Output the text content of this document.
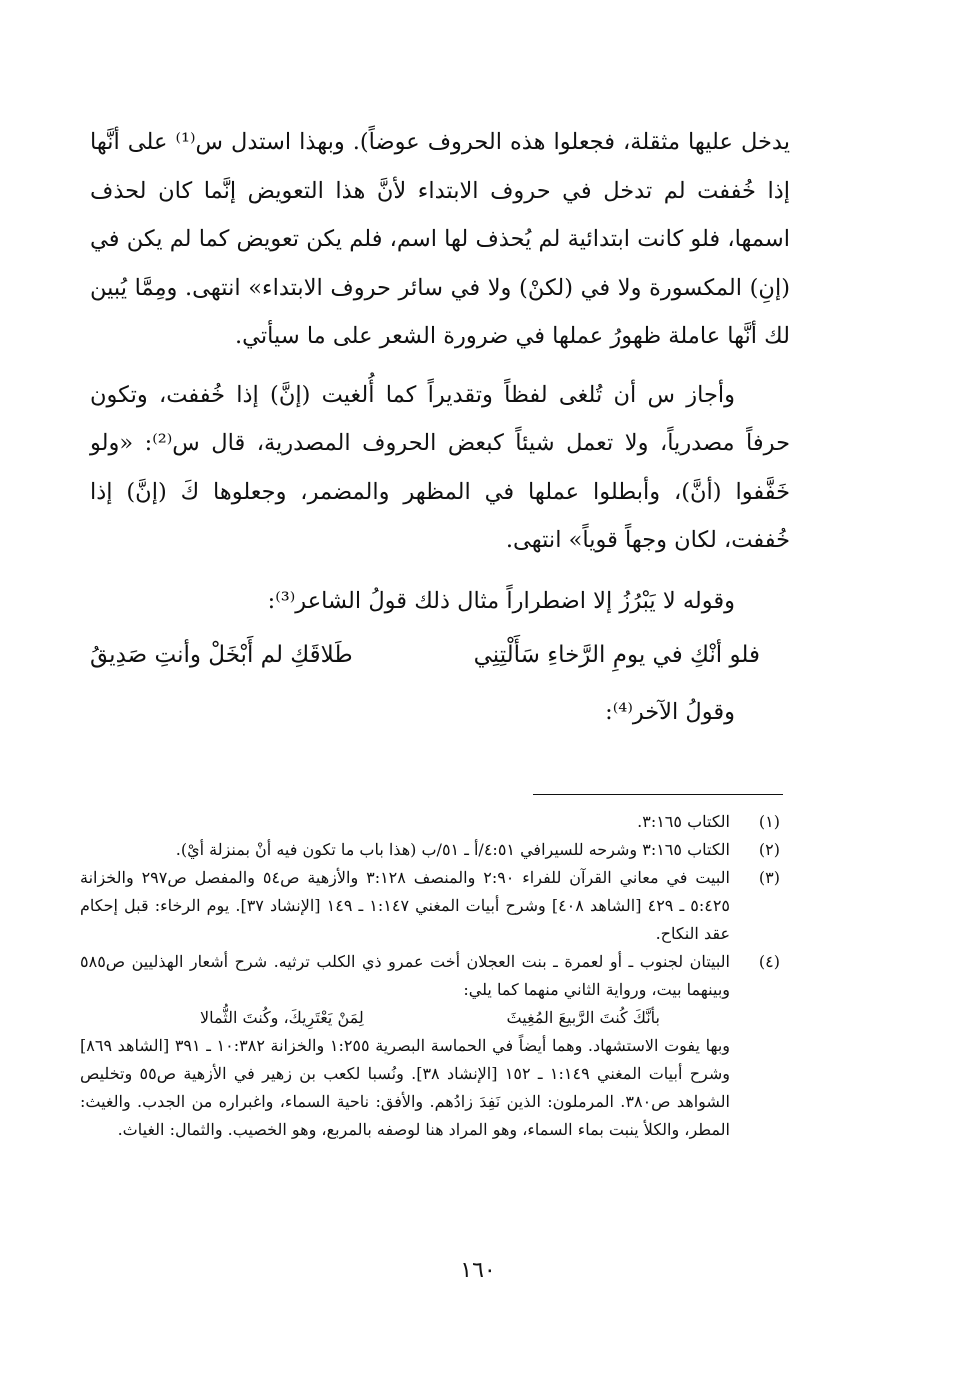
يدخل عليها مثقلة، فجعلوا هذه الحروف عوضاً). وبهذا استدل س⁽¹⁾ على أنَّها إذا خُففت لم تدخل في حروف الابتداء لأنَّ هذا التعويض إنَّما كان لحذف اسمها، فلو كانت ابتدائية لم يُحذف لها اسم، فلم يكن تعويض كما لم يكن في (إنِ) المكسورة ولا في (لكنْ) ولا في سائر حروف الابتداء» انتهى. ومِمَّا يُبين لك أنَّها عاملة ظهورُ عملها في ضرورة الشعر على ما سيأتي.

وأجاز س أن تُلغى لفظاً وتقديراً كما أُلغيت (إنَّ) إذا خُففت، وتكون حرفاً مصدرياً، ولا تعمل شيئاً كبعض الحروف المصدرية، قال س⁽²⁾: «ولو خَفَّفوا (أنَّ)، وأبطلوا عملها في المظهر والمضمر، وجعلوها كَ (إنَّ) إذا خُففت، لكان وجهاً قوياً» انتهى.

وقوله لا يَبْرُزُ إلا اضطراراً مثال ذلك قولُ الشاعر⁽³⁾:

فلو أنْكِ في يومِ الرَّخاءِ سَأَلْتِنِي
طَلاقَكِ لم أَبْخَلْ وأنتِ صَدِيقُ

وقولُ الآخر⁽⁴⁾:

(١)
الكتاب ٣:١٦٥.
(٢)
الكتاب ٣:١٦٥ وشرحه للسيرافي ٤:٥١/أ ـ ٥١/ب (هذا باب ما تكون فيه أنْ بمنزلة أيْ).
(٣)
البيت في معاني القرآن للفراء ٢:٩٠ والمنصف ٣:١٢٨ والأزهية ص٥٤ والمفصل ص٢٩٧ والخزانة ٥:٤٢٥ ـ ٤٢٩ [الشاهد ٤٠٨] وشرح أبيات المغني ١:١٤٧ ـ ١٤٩ [الإنشاد ٣٧]. يوم الرخاء: قبل إحكام عقد النكاح.
(٤)
البيتان لجنوب ـ أو لعمرة ـ بنت العجلان أخت عمرو ذي الكلب ترثيه. شرح أشعار الهذليين ص٥٨٥ وبينهما بيت، ورواية الثاني منهما كما يلي:
بأنَّكَ كُنتَ الرَّبيعَ المُغِيثَ
لِمَنْ يَعْتَرِيكَ، وكُنتَ الثُّمالا
وبها يفوت الاستشهاد. وهما أيضاً في الحماسة البصرية ١:٢٥٥ والخزانة ١٠:٣٨٢ ـ ٣٩١ [الشاهد ٨٦٩] وشرح أبيات المغني ١:١٤٩ ـ ١٥٢ [الإنشاد ٣٨]. ونُسبا لكعب بن زهير في الأزهية ص٥٥ وتخليص الشواهد ص٣٨٠. المرملون: الذين نَفِدَ زادُهم. والأفق: ناحية السماء، واغبراره من الجدب. والغيث: المطر، والكلأ ينبت بماء السماء، وهو المراد هنا لوصفه بالمربع، وهو الخصيب. والثمال: الغياث.
١٦٠
